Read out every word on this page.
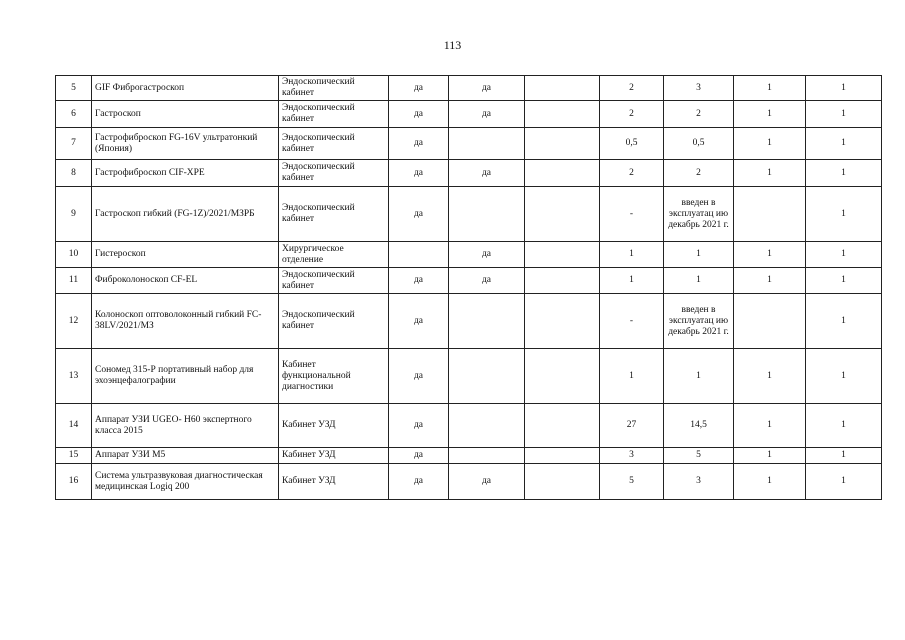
113
5	GIF Фиброгастроскоп	Эндоскопический кабинет	да	да		2	3	1	1
6	Гастроскоп	Эндоскопический кабинет	да	да		2	2	1	1
7	Гастрофиброскоп FG-16V ультратонкий (Япония)	Эндоскопический кабинет	да			0,5	0,5	1	1
8	Гастрофиброскоп CIF-XPE	Эндоскопический кабинет	да	да		2	2	1	1
9	Гастроскоп гибкий (FG-1Z)/2021/МЗРБ	Эндоскопический кабинет	да			-	введен в эксплуатац ию декабрь 2021 г.		1
10	Гистероскоп	Хирургическое отделение		да		1	1	1	1
11	Фиброколоноскоп CF-EL	Эндоскопический кабинет	да	да		1	1	1	1
12	Колоноскоп оптоволоконный гибкий FC-38LV/2021/МЗ	Эндоскопический кабинет	да			-	введен в эксплуатац ию декабрь 2021 г.		1
13	Сономед 315-Р портативный набор для эхоэнцефалографии	Кабинет функциональной диагностики	да			1	1	1	1
14	Аппарат УЗИ UGEO- H60 экспертного класса 2015	Кабинет УЗД	да			27	14,5	1	1
15	Аппарат УЗИ М5	Кабинет УЗД	да			3	5	1	1
16	Система ультразвуковая диагностическая медицинская Logiq 200	Кабинет УЗД	да	да		5	3	1	1
